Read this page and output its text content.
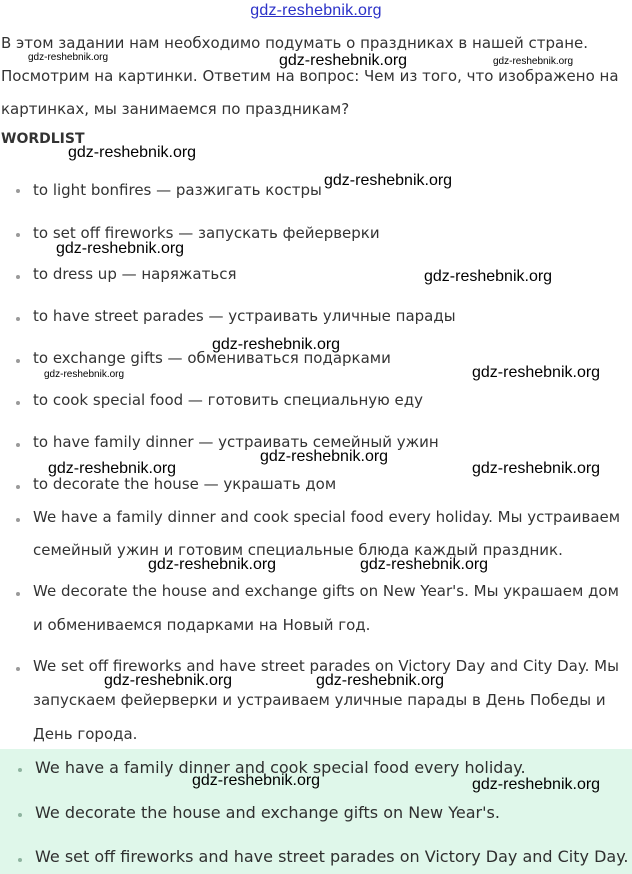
gdz-reshebnik.org
В этом задании нам необходимо подумать о праздниках в нашей стране.
Посмотрим на картинки. Ответим на вопрос: Чем из того, что изображено на
картинках, мы занимаемся по праздникам?
WORDLIST
to light bonfires — разжигать костры
to set off fireworks — запускать фейерверки
to dress up — наряжаться
to have street parades — устраивать уличные парады
to exchange gifts — обмениваться подарками
to cook special food — готовить специальную еду
to have family dinner — устраивать семейный ужин
to decorate the house — украшать дом
We have a family dinner and cook special food every holiday. Мы устраиваем
семейный ужин и готовим специальные блюда каждый праздник.
We decorate the house and exchange gifts on New Year's. Мы украшаем дом
и обмениваемся подарками на Новый год.
We set off fireworks and have street parades on Victory Day and City Day. Мы
запускаем фейерверки и устраиваем уличные парады в День Победы и
День города.
We have a family dinner and cook special food every holiday.
We decorate the house and exchange gifts on New Year's.
We set off fireworks and have street parades on Victory Day and City Day.
gdz-reshebnik.org	gdz-reshebnik.org	gdz-reshebnik.org
gdz-reshebnik.org
gdz-reshebnik.org
gdz-reshebnik.org
gdz-reshebnik.org
gdz-reshebnik.org
gdz-reshebnik.org	gdz-reshebnik.org
gdz-reshebnik.org
gdz-reshebnik.org	gdz-reshebnik.org
gdz-reshebnik.org	gdz-reshebnik.org
gdz-reshebnik.org	gdz-reshebnik.org
gdz-reshebnik.org	gdz-reshebnik.org
